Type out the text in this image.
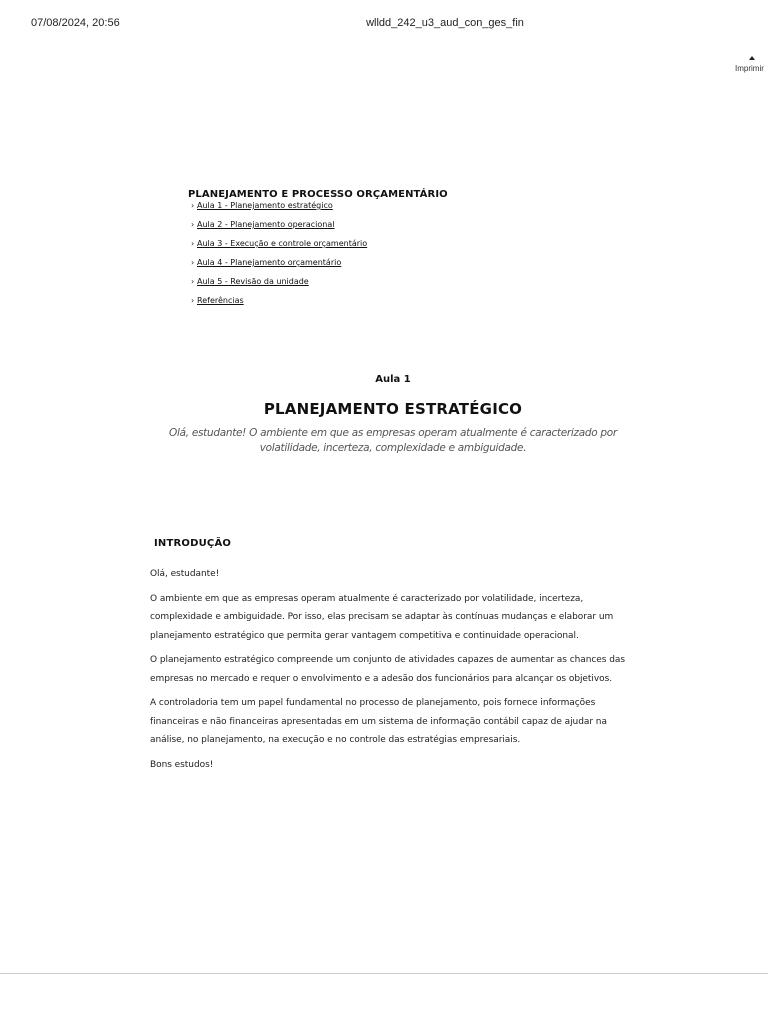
07/08/2024, 20:56	wlldd_242_u3_aud_con_ges_fin
Imprimir
PLANEJAMENTO E PROCESSO ORÇAMENTÁRIO
› Aula 1 - Planejamento estratégico
› Aula 2 - Planejamento operacional
› Aula 3 - Execução e controle orçamentário
› Aula 4 - Planejamento orçamentário
› Aula 5 - Revisão da unidade
› Referências
Aula 1
PLANEJAMENTO ESTRATÉGICO
Olá, estudante! O ambiente em que as empresas operam atualmente é caracterizado por volatilidade, incerteza, complexidade e ambiguidade.
INTRODUÇÃO

Olá, estudante!

O ambiente em que as empresas operam atualmente é caracterizado por volatilidade, incerteza, complexidade e ambiguidade. Por isso, elas precisam se adaptar às contínuas mudanças e elaborar um planejamento estratégico que permita gerar vantagem competitiva e continuidade operacional.

O planejamento estratégico compreende um conjunto de atividades capazes de aumentar as chances das empresas no mercado e requer o envolvimento e a adesão dos funcionários para alcançar os objetivos.

A controladoria tem um papel fundamental no processo de planejamento, pois fornece informações financeiras e não financeiras apresentadas em um sistema de informação contábil capaz de ajudar na análise, no planejamento, na execução e no controle das estratégias empresariais.

Bons estudos!
